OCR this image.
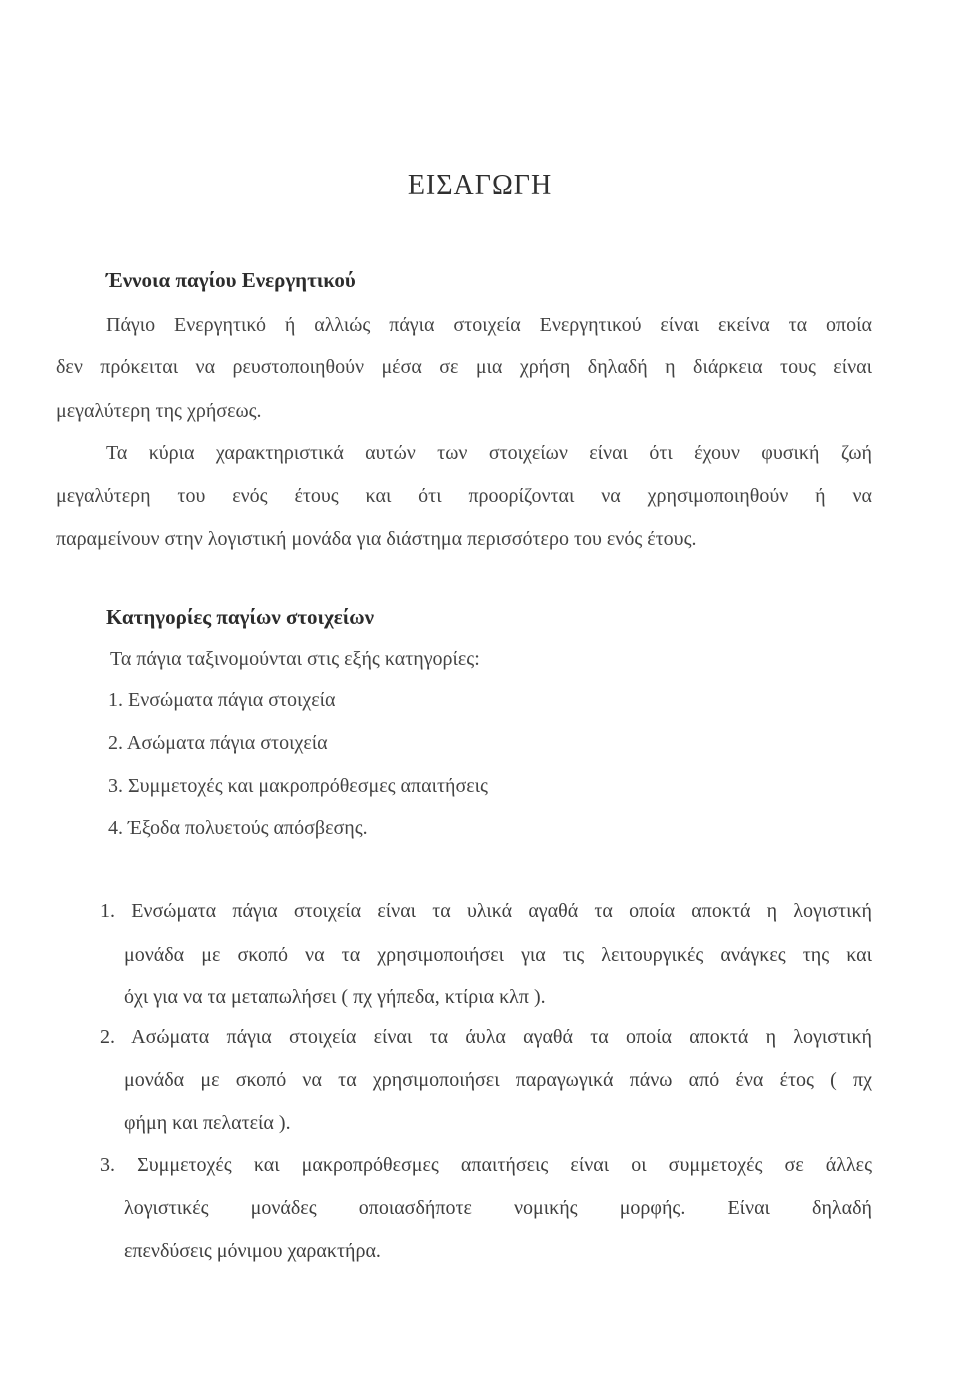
ΕΙΣΑΓΩΓΗ
Έννοια παγίου Ενεργητικού
Πάγιο Ενεργητικό ή αλλιώς πάγια στοιχεία Ενεργητικού είναι εκείνα τα οποία
δεν πρόκειται να ρευστοποιηθούν μέσα σε μια χρήση δηλαδή η διάρκεια τους είναι
μεγαλύτερη της χρήσεως.
Τα κύρια χαρακτηριστικά αυτών των στοιχείων είναι ότι έχουν φυσική ζωή
μεγαλύτερη του ενός έτους και ότι προορίζονται να χρησιμοποιηθούν ή να
παραμείνουν στην λογιστική μονάδα για διάστημα περισσότερο του ενός έτους.
Κατηγορίες παγίων στοιχείων
Τα πάγια ταξινομούνται στις εξής κατηγορίες:
1. Ενσώματα πάγια στοιχεία
2. Ασώματα πάγια στοιχεία
3. Συμμετοχές και μακροπρόθεσμες απαιτήσεις
4. Έξοδα πολυετούς απόσβεσης.
1. Ενσώματα πάγια στοιχεία είναι τα υλικά αγαθά τα οποία αποκτά η λογιστική
μονάδα με σκοπό να τα χρησιμοποιήσει για τις λειτουργικές ανάγκες της και
όχι για να τα μεταπωλήσει ( πχ γήπεδα, κτίρια κλπ ).
2. Ασώματα πάγια στοιχεία είναι τα άυλα αγαθά τα οποία αποκτά η λογιστική
μονάδα με σκοπό να τα χρησιμοποιήσει παραγωγικά πάνω από ένα έτος ( πχ
φήμη και πελατεία ).
3. Συμμετοχές και μακροπρόθεσμες απαιτήσεις είναι οι συμμετοχές σε άλλες
λογιστικές μονάδες οποιασδήποτε νομικής μορφής. Είναι δηλαδή
επενδύσεις μόνιμου χαρακτήρα.
